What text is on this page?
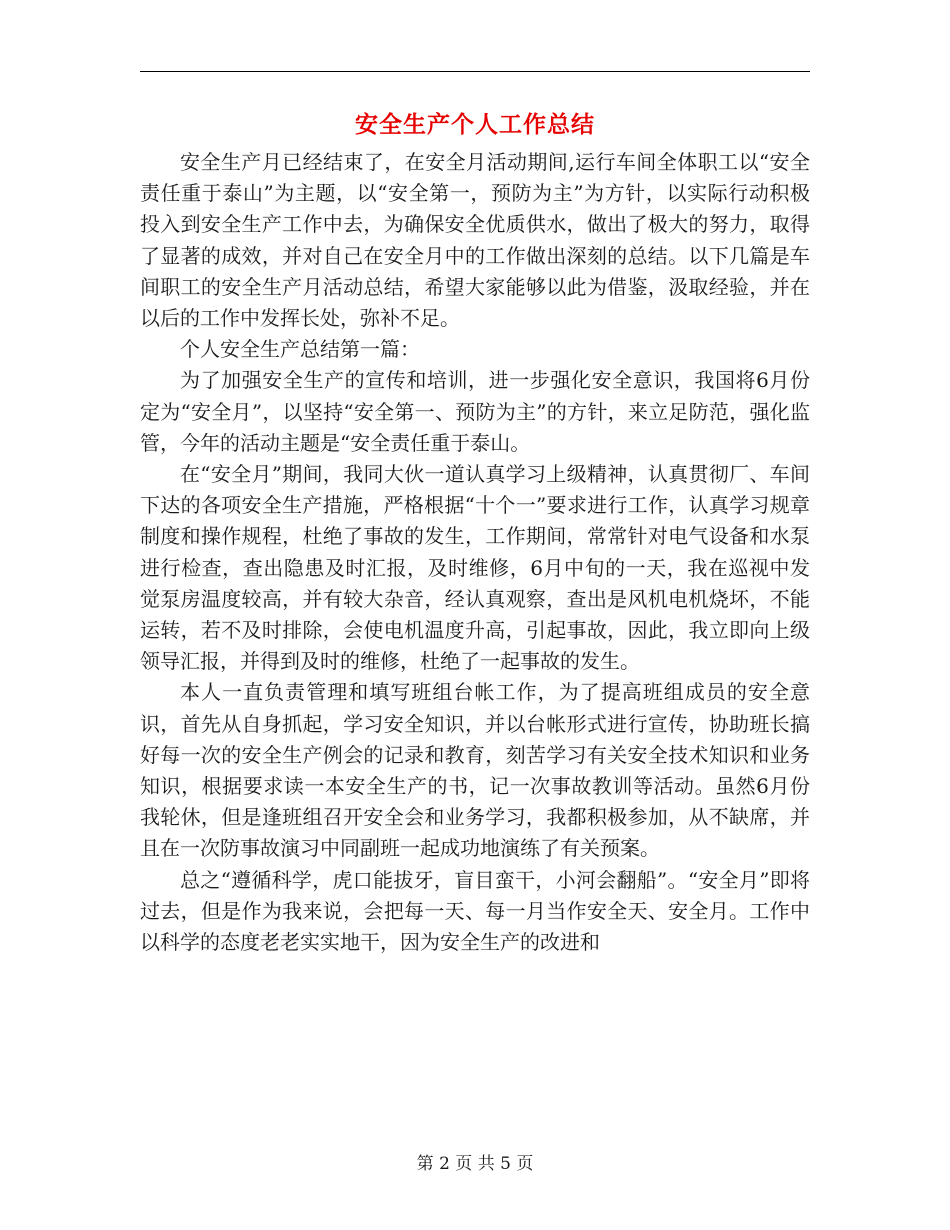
安全生产个人工作总结

安全生产月已经结束了，在安全月活动期间,运行车间全体职工以“安全责任重于泰山”为主题，以“安全第一，预防为主”为方针，以实际行动积极投入到安全生产工作中去，为确保安全优质供水，做出了极大的努力，取得了显著的成效，并对自己在安全月中的工作做出深刻的总结。以下几篇是车间职工的安全生产月活动总结，希望大家能够以此为借鉴，汲取经验，并在以后的工作中发挥长处，弥补不足。

个人安全生产总结第一篇：

为了加强安全生产的宣传和培训，进一步强化安全意识，我国将6月份定为“安全月”，以坚持“安全第一、预防为主”的方针，来立足防范，强化监管，今年的活动主题是“安全责任重于泰山。

在“安全月”期间，我同大伙一道认真学习上级精神，认真贯彻厂、车间下达的各项安全生产措施，严格根据“十个一”要求进行工作，认真学习规章制度和操作规程，杜绝了事故的发生，工作期间，常常针对电气设备和水泵进行检查，查出隐患及时汇报，及时维修，6月中旬的一天，我在巡视中发觉泵房温度较高，并有较大杂音，经认真观察，查出是风机电机烧坏，不能运转，若不及时排除，会使电机温度升高，引起事故，因此，我立即向上级领导汇报，并得到及时的维修，杜绝了一起事故的发生。

本人一直负责管理和填写班组台帐工作，为了提高班组成员的安全意识，首先从自身抓起，学习安全知识，并以台帐形式进行宣传，协助班长搞好每一次的安全生产例会的记录和教育，刻苦学习有关安全技术知识和业务知识，根据要求读一本安全生产的书，记一次事故教训等活动。虽然6月份我轮休，但是逢班组召开安全会和业务学习，我都积极参加，从不缺席，并且在一次防事故演习中同副班一起成功地演练了有关预案。

总之“遵循科学，虎口能拔牙，盲目蛮干，小河会翻船”。“安全月”即将过去，但是作为我来说，会把每一天、每一月当作安全天、安全月。工作中以科学的态度老老实实地干，因为安全生产的改进和

第 2 页 共 5 页
